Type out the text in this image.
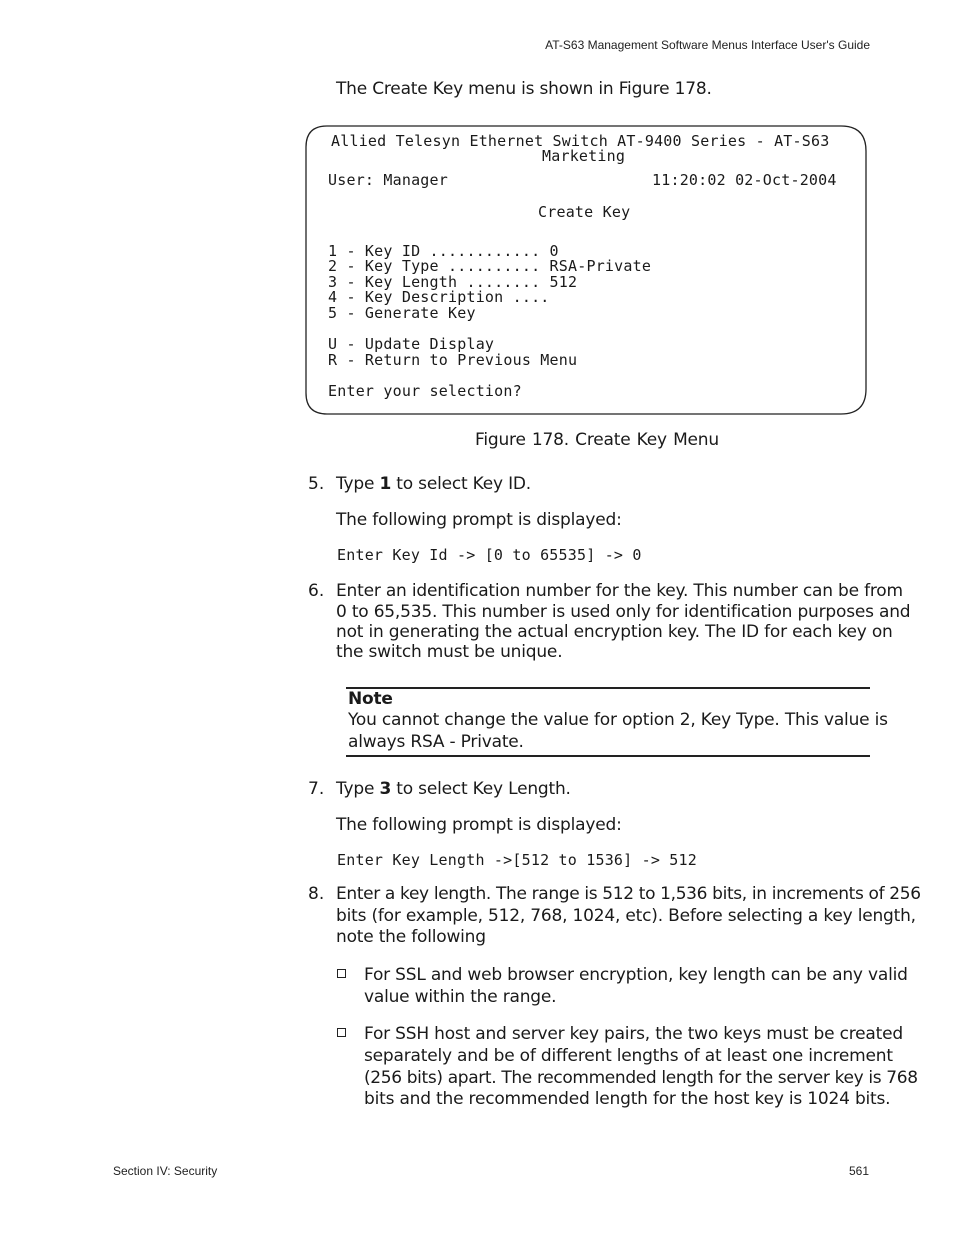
AT-S63 Management Software Menus Interface User's Guide
The Create Key menu is shown in Figure 178.
Allied Telesyn Ethernet Switch AT-9400 Series - AT-S63
Marketing
User: Manager	11:20:02 02-Oct-2004
Create Key
1 - Key ID ............ 0
2 - Key Type .......... RSA-Private
3 - Key Length ........ 512
4 - Key Description ....
5 - Generate Key
U - Update Display
R - Return to Previous Menu
Enter your selection?
Figure 178. Create Key Menu
5. Type 1 to select Key ID.
The following prompt is displayed:
Enter Key Id -> [0 to 65535] -> 0
6. Enter an identification number for the key. This number can be from
0 to 65,535. This number is used only for identification purposes and
not in generating the actual encryption key. The ID for each key on
the switch must be unique.
Note
You cannot change the value for option 2, Key Type. This value is
always RSA - Private.
7. Type 3 to select Key Length.
The following prompt is displayed:
Enter Key Length ->[512 to 1536] -> 512
8. Enter a key length. The range is 512 to 1,536 bits, in increments of 256
bits (for example, 512, 768, 1024, etc). Before selecting a key length,
note the following
For SSL and web browser encryption, key length can be any valid
value within the range.
For SSH host and server key pairs, the two keys must be created
separately and be of different lengths of at least one increment
(256 bits) apart. The recommended length for the server key is 768
bits and the recommended length for the host key is 1024 bits.
Section IV: Security	561
